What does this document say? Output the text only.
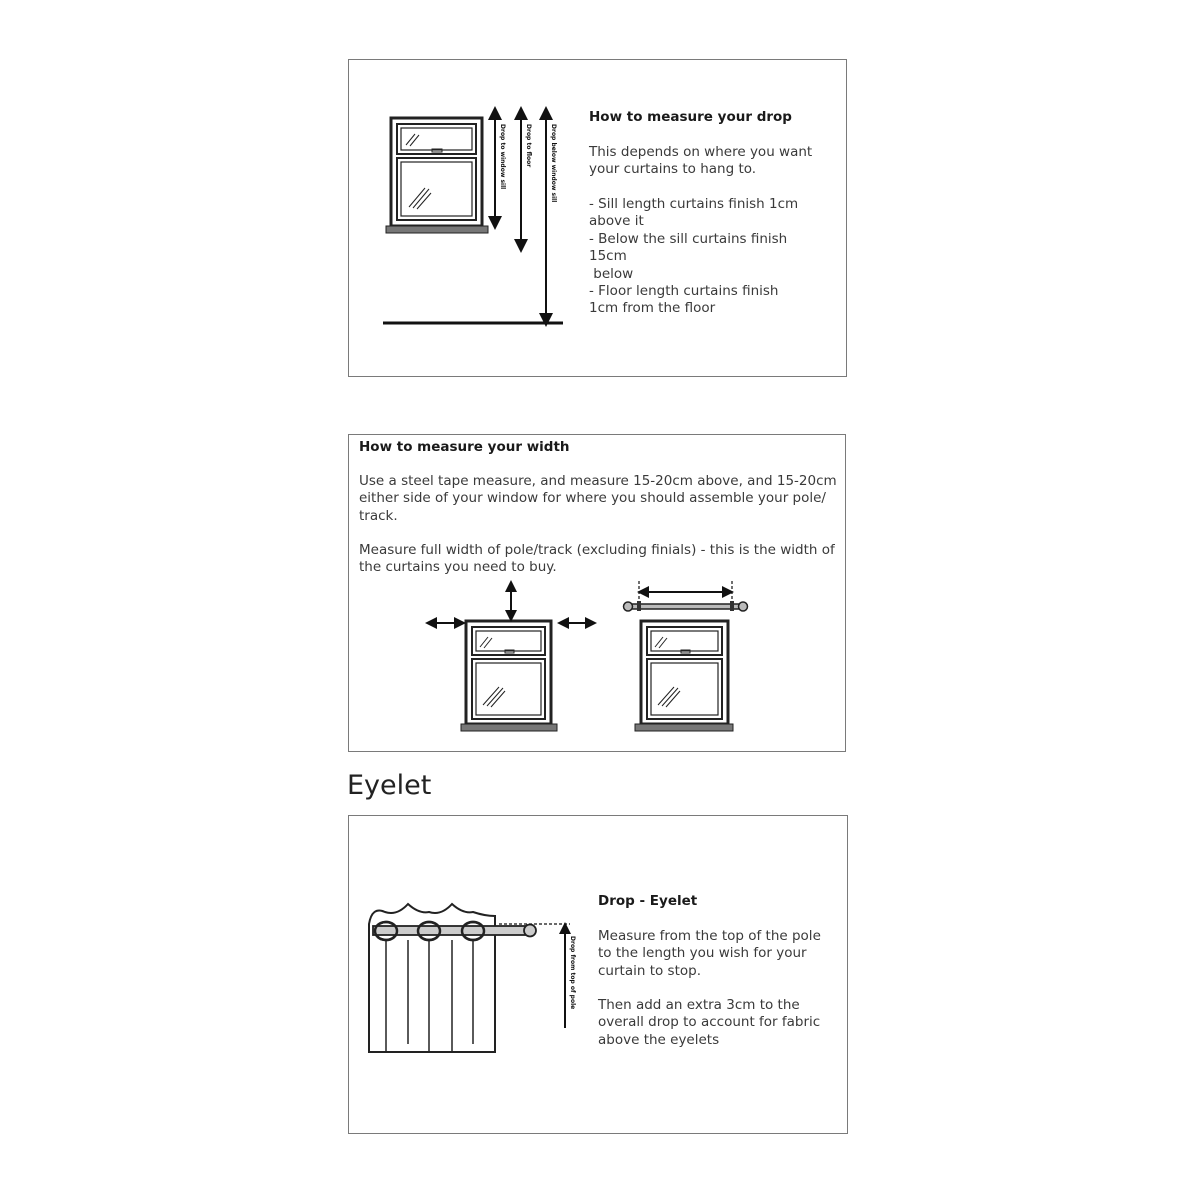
Drop to window sill	Drop to floor	Drop below window sill
How to measure your drop

This depends on where you want your curtains to hang to.

- Sill length curtains finish 1cm
above it
- Below the sill curtains finish
15cm
below
- Floor length curtains finish
1cm from the floor
How to measure your width

Use a steel tape measure, and measure 15-20cm above, and 15-20cm either side of your window for where you should assemble your pole/ track.

Measure full width of pole/track (excluding finials) - this is the width of the curtains you need to buy.

Eyelet
Drop from top of pole
Drop - Eyelet

Measure from the top of the pole to the length you wish for your curtain to stop.

Then add an extra 3cm to the overall drop to account for fabric above the eyelets
